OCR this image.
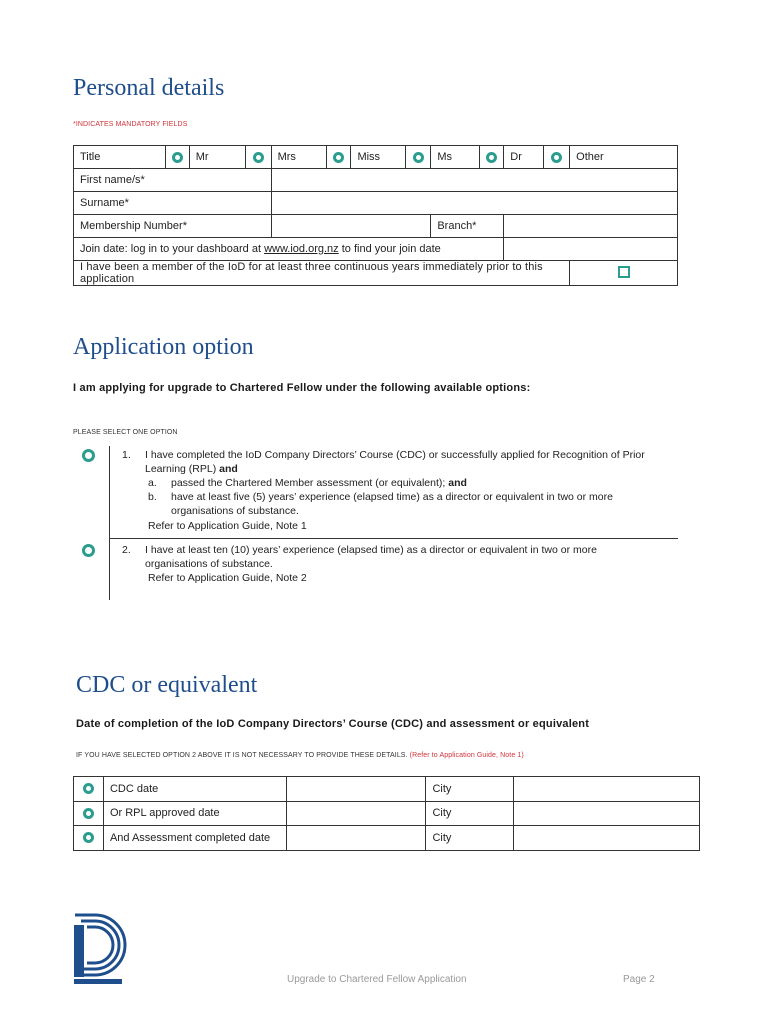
Personal details
*INDICATES MANDATORY FIELDS
Title		Mr		Mrs		Miss		Ms		Dr		Other
First name/s*												
Surname*												
Membership Number*								Branch*				
Join date: log in to your dashboard at www.iod.org.nz to find your join date												
I have been a member of the IoD for at least three continuous years immediately prior to this application												
Application option
I am applying for upgrade to Chartered Fellow under the following available options:
PLEASE SELECT ONE OPTION
1. I have completed the IoD Company Directors’ Course (CDC) or successfully applied for Recognition of Prior Learning (RPL) and
a. passed the Chartered Member assessment (or equivalent); and
b. have at least five (5) years’ experience (elapsed time) as a director or equivalent in two or more organisations of substance.
Refer to Application Guide, Note 1
2. I have at least ten (10) years’ experience (elapsed time) as a director or equivalent in two or more organisations of substance.
Refer to Application Guide, Note 2
CDC or equivalent
Date of completion of the IoD Company Directors’ Course (CDC) and assessment or equivalent
IF YOU HAVE SELECTED OPTION 2 ABOVE IT IS NOT NECESSARY TO PROVIDE THESE DETAILS. (Refer to Application Guide, Note 1)
	CDC date		City	
	Or RPL approved date		City	
	And Assessment completed date		City	
Upgrade to Chartered Fellow Application	Page 2
